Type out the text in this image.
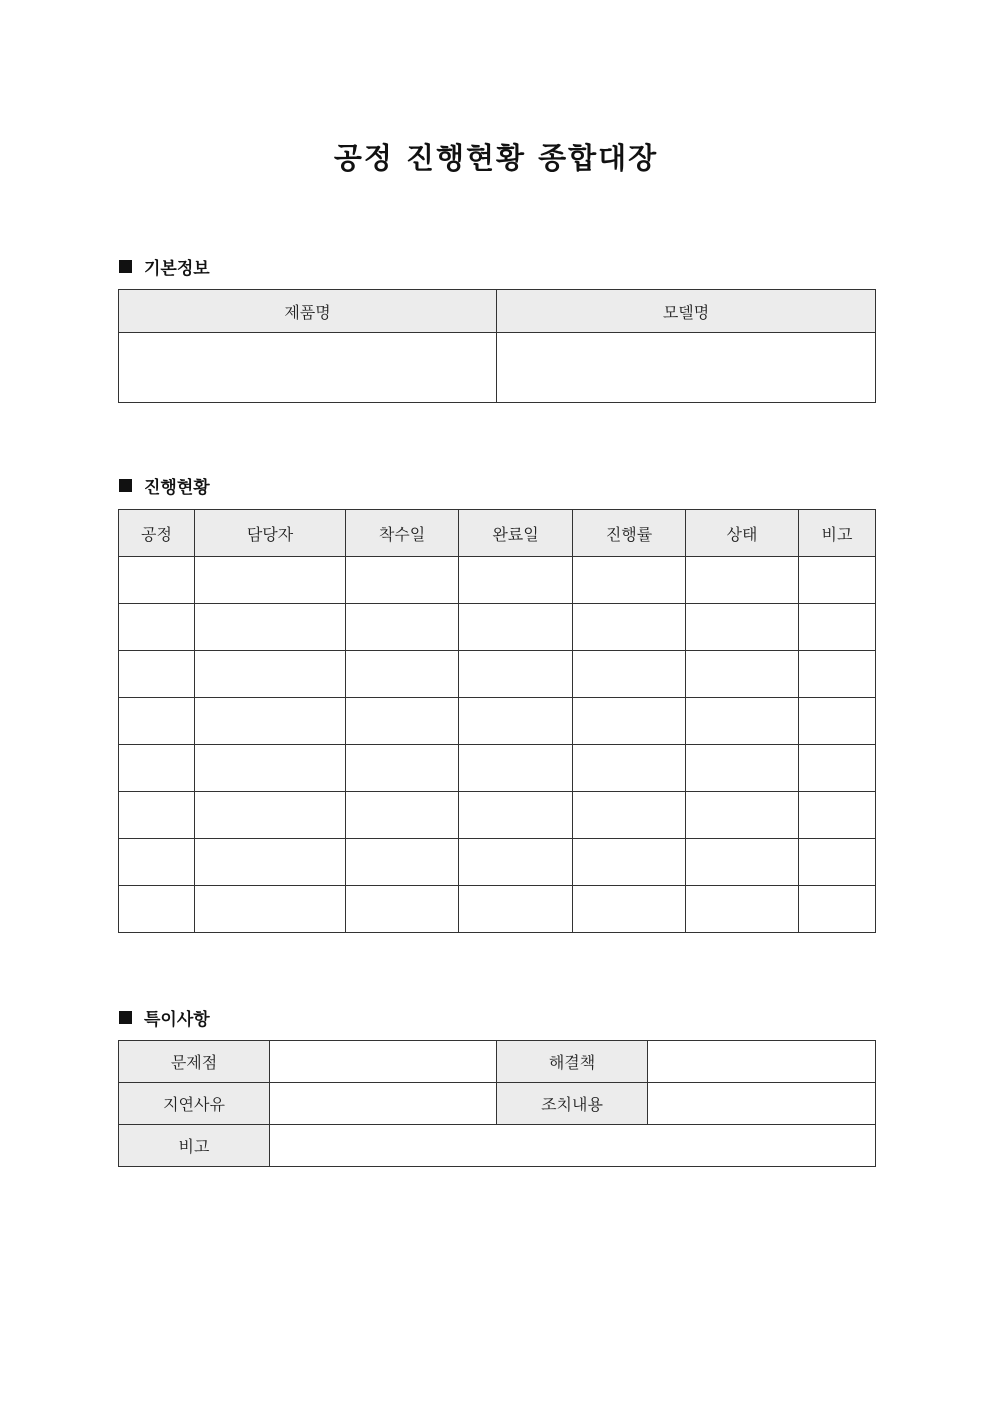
공정 진행현황 종합대장
기본정보
제품명	모델명

진행현황
공정	담당자	착수일	완료일	진행률	상태	비고

특이사항
문제점		해결책	
지연사유		조치내용	
비고			
